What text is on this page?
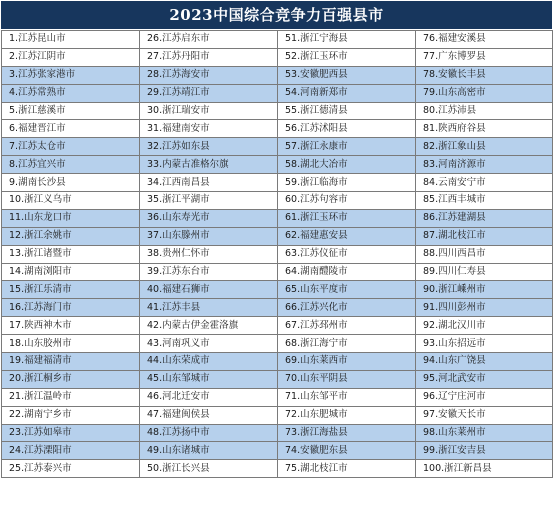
2023中国综合竞争力百强县市
1.江苏昆山市	26.江苏启东市	51.浙江宁海县	76.福建安溪县
2.江苏江阴市	27.江苏丹阳市	52.浙江玉环市	77.广东博罗县
3.江苏张家港市	28.江苏海安市	53.安徽肥西县	78.安徽长丰县
4.江苏常熟市	29.江苏靖江市	54.河南新郑市	79.山东高密市
5.浙江慈溪市	30.浙江瑞安市	55.浙江德清县	80.江苏沛县
6.福建晋江市	31.福建南安市	56.江苏沭阳县	81.陕西府谷县
7.江苏太仓市	32.江苏如东县	57.浙江永康市	82.浙江象山县
8.江苏宜兴市	33.内蒙古准格尔旗	58.湖北大冶市	83.河南济源市
9.湖南长沙县	34.江西南昌县	59.浙江临海市	84.云南安宁市
10.浙江义乌市	35.浙江平湖市	60.江苏句容市	85.江西丰城市
11.山东龙口市	36.山东寿光市	61.浙江玉环市	86.江苏建湖县
12.浙江余姚市	37.山东滕州市	62.福建惠安县	87.湖北枝江市
13.浙江诸暨市	38.贵州仁怀市	63.江苏仪征市	88.四川西昌市
14.湖南浏阳市	39.江苏东台市	64.湖南醴陵市	89.四川仁寿县
15.浙江乐清市	40.福建石狮市	65.山东平度市	90.浙江嵊州市
16.江苏海门市	41.江苏丰县	66.江苏兴化市	91.四川彭州市
17.陕西神木市	42.内蒙古伊金霍洛旗	67.江苏邳州市	92.湖北汉川市
18.山东胶州市	43.河南巩义市	68.浙江海宁市	93.山东招远市
19.福建福清市	44.山东荣成市	69.山东莱西市	94.山东广饶县
20.浙江桐乡市	45.山东邹城市	70.山东平阴县	95.河北武安市
21.浙江温岭市	46.河北迁安市	71.山东邹平市	96.辽宁庄河市
22.湖南宁乡市	47.福建闽侯县	72.山东肥城市	97.安徽天长市
23.江苏如皋市	48.江苏扬中市	73.浙江海盐县	98.山东莱州市
24.江苏溧阳市	49.山东诸城市	74.安徽肥东县	99.浙江安吉县
25.江苏泰兴市	50.浙江长兴县	75.湖北枝江市	100.浙江新昌县
